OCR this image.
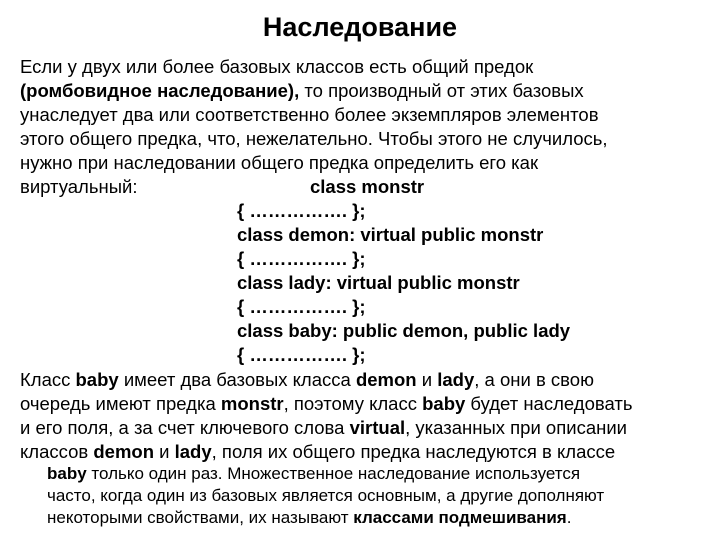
Наследование
Если у двух или более базовых классов есть общий предок
(ромбовидное наследование), то производный от этих базовых
унаследует два или соответственно более экземпляров элементов
этого общего предка, что, нежелательно. Чтобы этого не случилось,
нужно при наследовании общего предка определить его как
виртуальный:	class monstr
{ ……………. };
class demon: virtual public monstr
{ ……………. };
class lady: virtual public monstr
{ ……………. };
class baby: public demon, public lady
{ ……………. };
Класс baby имеет два базовых класса demon и lady, а они в свою
очередь имеют предка monstr, поэтому класс baby будет наследовать
и его поля, а за счет ключевого слова virtual, указанных при описании
классов demon и lady, поля их общего предка наследуются в классе
baby только один раз. Множественное наследование используется
часто, когда один из базовых является основным, а другие дополняют
некоторыми свойствами, их называют классами подмешивания.
